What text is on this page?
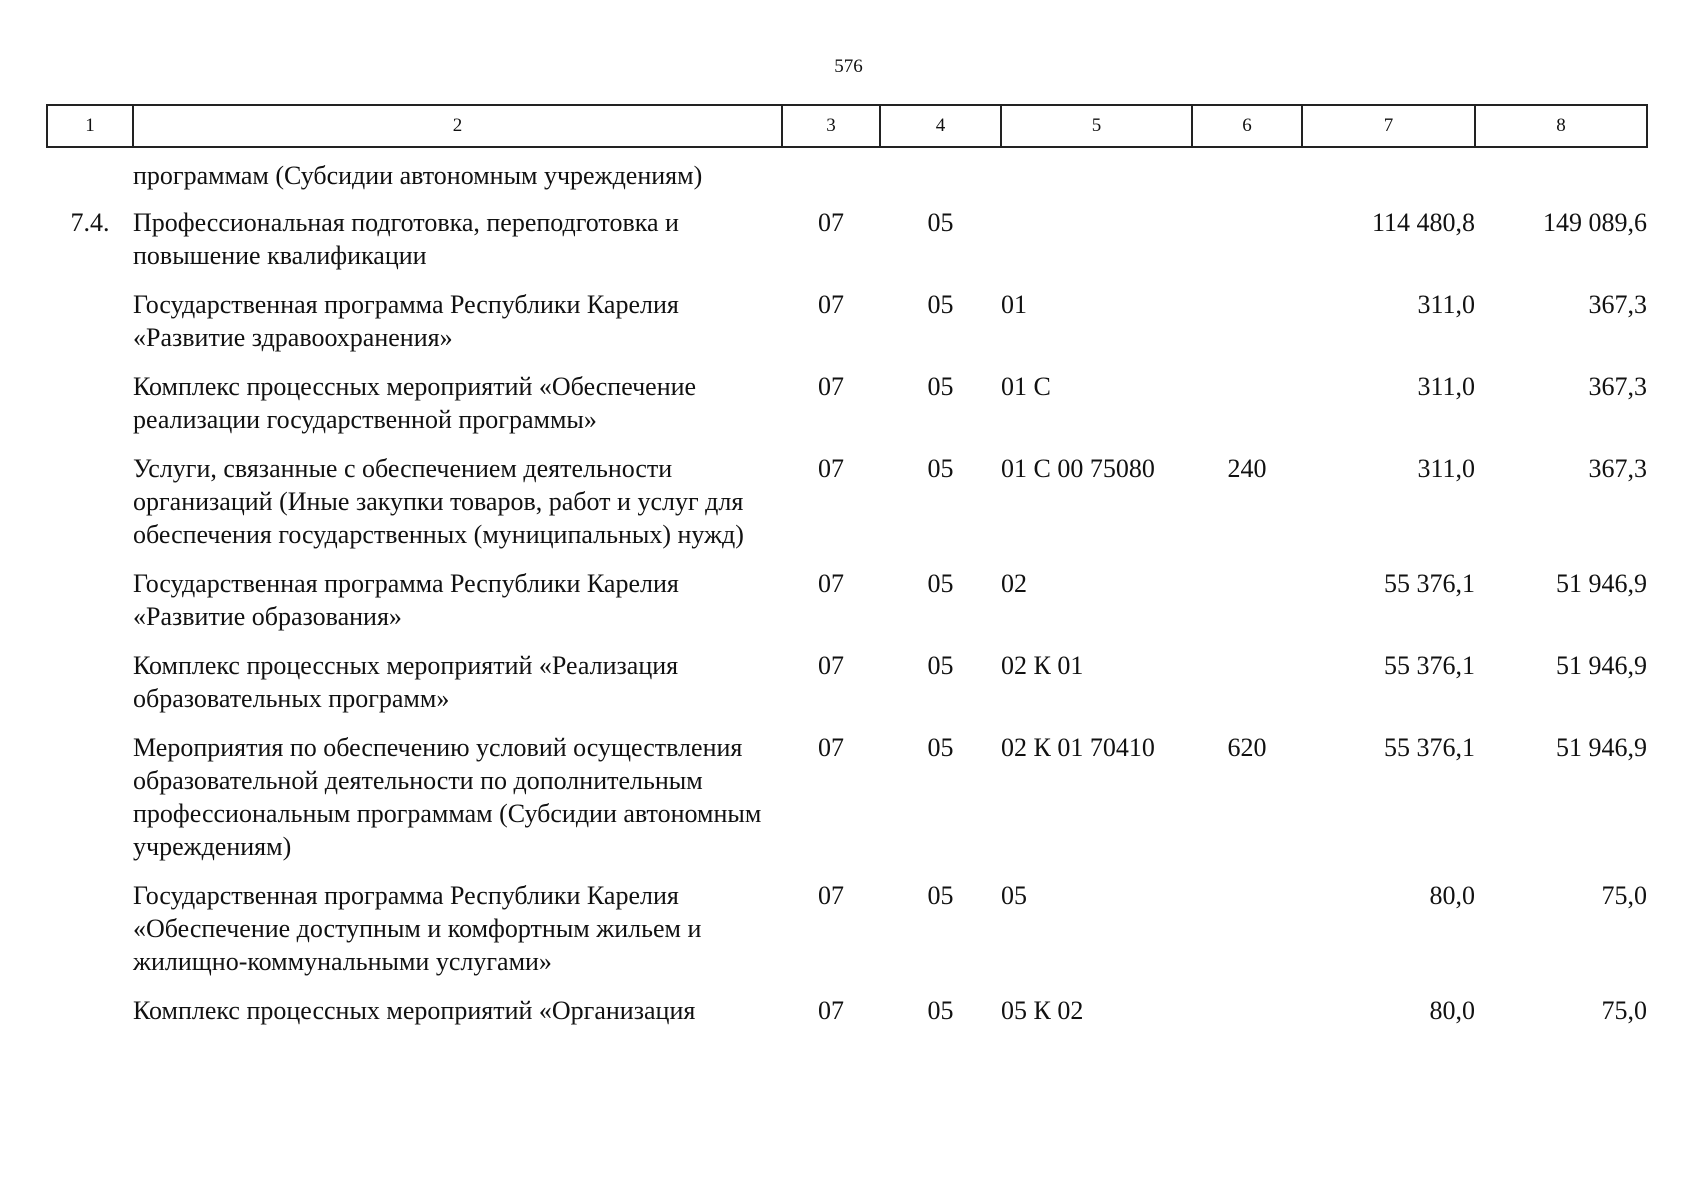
576
1	2	3	4	5	6	7	8
	программам (Субсидии автономным учреждениям)						
7.4.	Профессиональная подготовка, переподготовка и повышение квалификации	07	05			114 480,8	149 089,6
	Государственная программа Республики Карелия «Развитие здравоохранения»	07	05	01		311,0	367,3
	Комплекс процессных мероприятий «Обеспечение реализации государственной программы»	07	05	01 С		311,0	367,3
	Услуги, связанные с обеспечением деятельности организаций (Иные закупки товаров, работ и услуг для обеспечения государственных (муниципальных) нужд)	07	05	01 С 00 75080	240	311,0	367,3
	Государственная программа Республики Карелия «Развитие образования»	07	05	02		55 376,1	51 946,9
	Комплекс процессных мероприятий «Реализация образовательных программ»	07	05	02 К 01		55 376,1	51 946,9
	Мероприятия по обеспечению условий осуществления образовательной деятельности по дополнительным профессиональным программам (Субсидии автономным учреждениям)	07	05	02 К 01 70410	620	55 376,1	51 946,9
	Государственная программа Республики Карелия «Обеспечение доступным и комфортным жильем и жилищно-коммунальными услугами»	07	05	05		80,0	75,0
	Комплекс процессных мероприятий «Организация	07	05	05 К 02		80,0	75,0
